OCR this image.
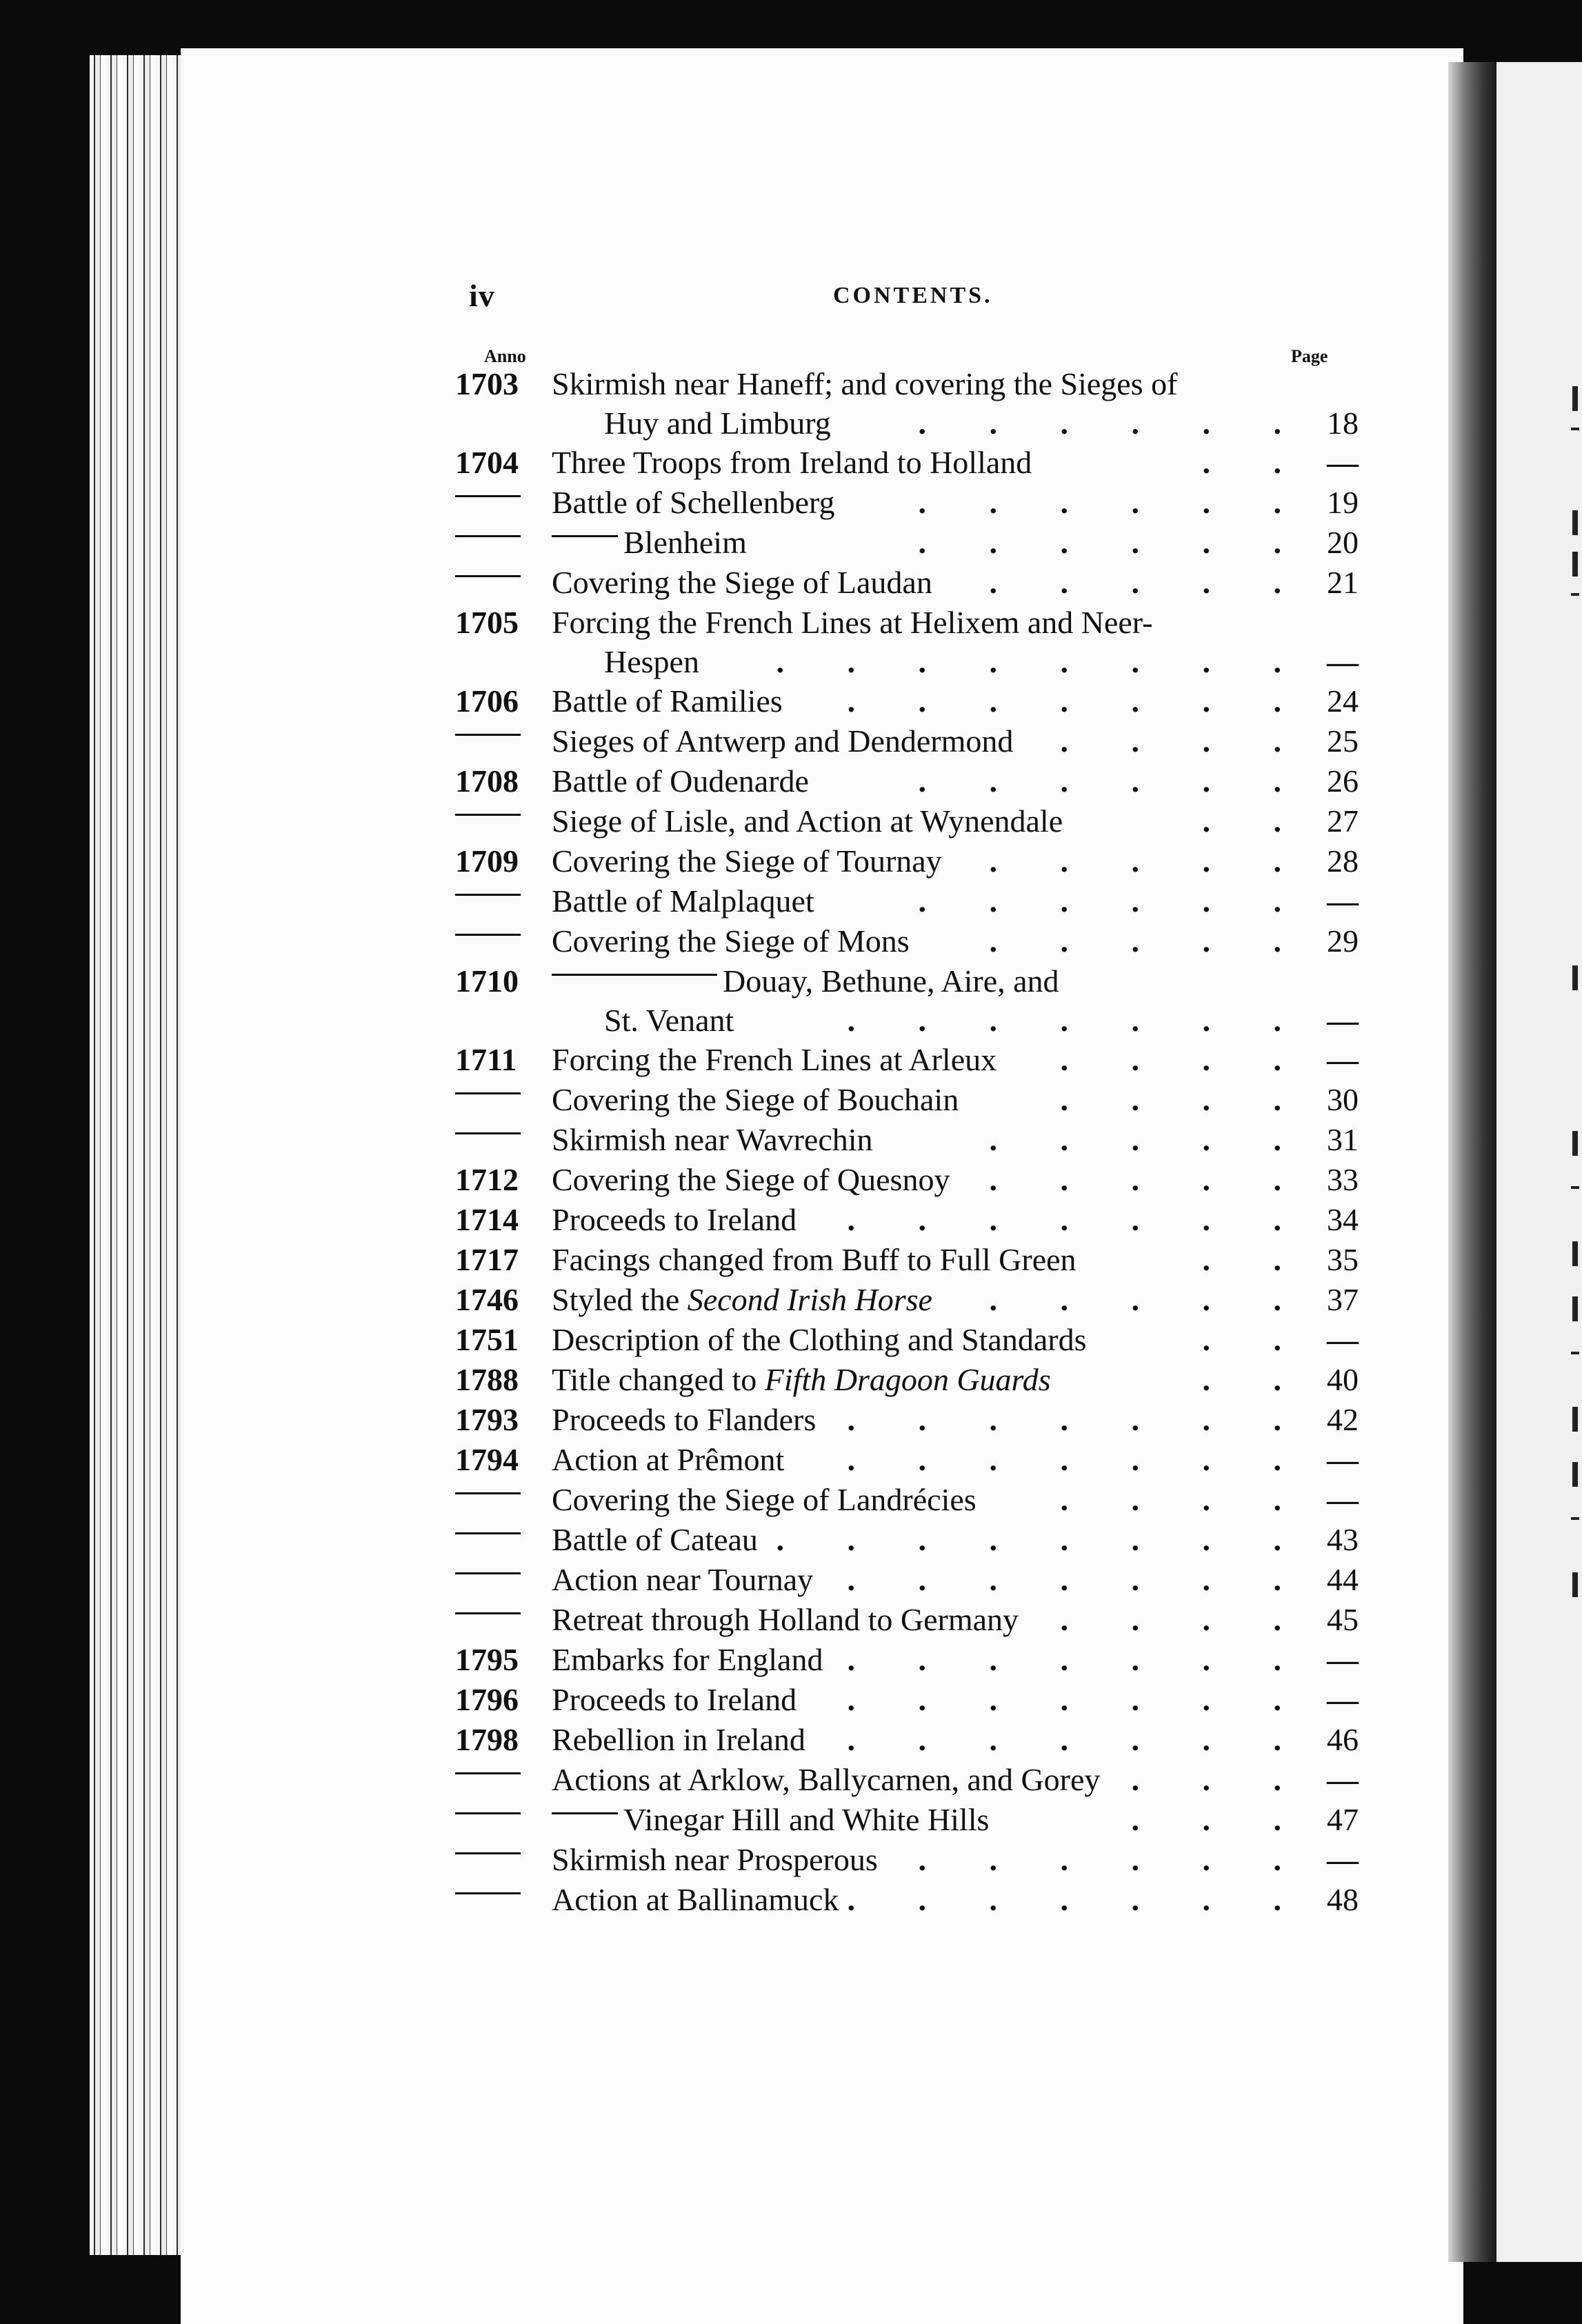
iv	CONTENTS.
Anno	Page
1703	Skirmish near Haneff; and covering the Sieges of
Huy and Limburg	. . . . . . 18
1704	Three Troops from Ireland to Holland	. . —
Battle of Schellenberg	. . . . . . 19
Blenheim	. . . . . . 20
Covering the Siege of Laudan	. . . . . 21
1705	Forcing the French Lines at Helixem and Neer-
Hespen	. . . . . . . . —
1706	Battle of Ramilies	. . . . . . . 24
Sieges of Antwerp and Dendermond	. . . . 25
1708	Battle of Oudenarde	. . . . . . 26
Siege of Lisle, and Action at Wynendale	. . 27
1709	Covering the Siege of Tournay	. . . . . 28
Battle of Malplaquet	. . . . . . —
Covering the Siege of Mons	. . . . . 29
1710	Douay, Bethune, Aire, and
St. Venant	. . . . . . . —
1711	Forcing the French Lines at Arleux	. . . . —
Covering the Siege of Bouchain	. . . . 30
Skirmish near Wavrechin	. . . . . 31
1712	Covering the Siege of Quesnoy	. . . . . 33
1714	Proceeds to Ireland	. . . . . . . 34
1717	Facings changed from Buff to Full Green	. . 35
1746	Styled the Second Irish Horse	. . . . . 37
1751	Description of the Clothing and Standards	. . —
1788	Title changed to Fifth Dragoon Guards	. . 40
1793	Proceeds to Flanders . . . . . . . 42
1794	Action at Prêmont	. . . . . . . —
Covering the Siege of Landrécies	. . . . —
Battle of Cateau . . . . . . . . 43
Action near Tournay	. . . . . . . 44
Retreat through Holland to Germany	. . . . 45
1795	Embarks for England . . . . . . . —
1796	Proceeds to Ireland	. . . . . . . —
1798	Rebellion in Ireland	. . . . . . . 46
Actions at Arklow, Ballycarnen, and Gorey . . . —
Vinegar Hill and White Hills	. . . 47
Skirmish near Prosperous	. . . . . . —
Action at Ballinamuck . . . . . . . 48
